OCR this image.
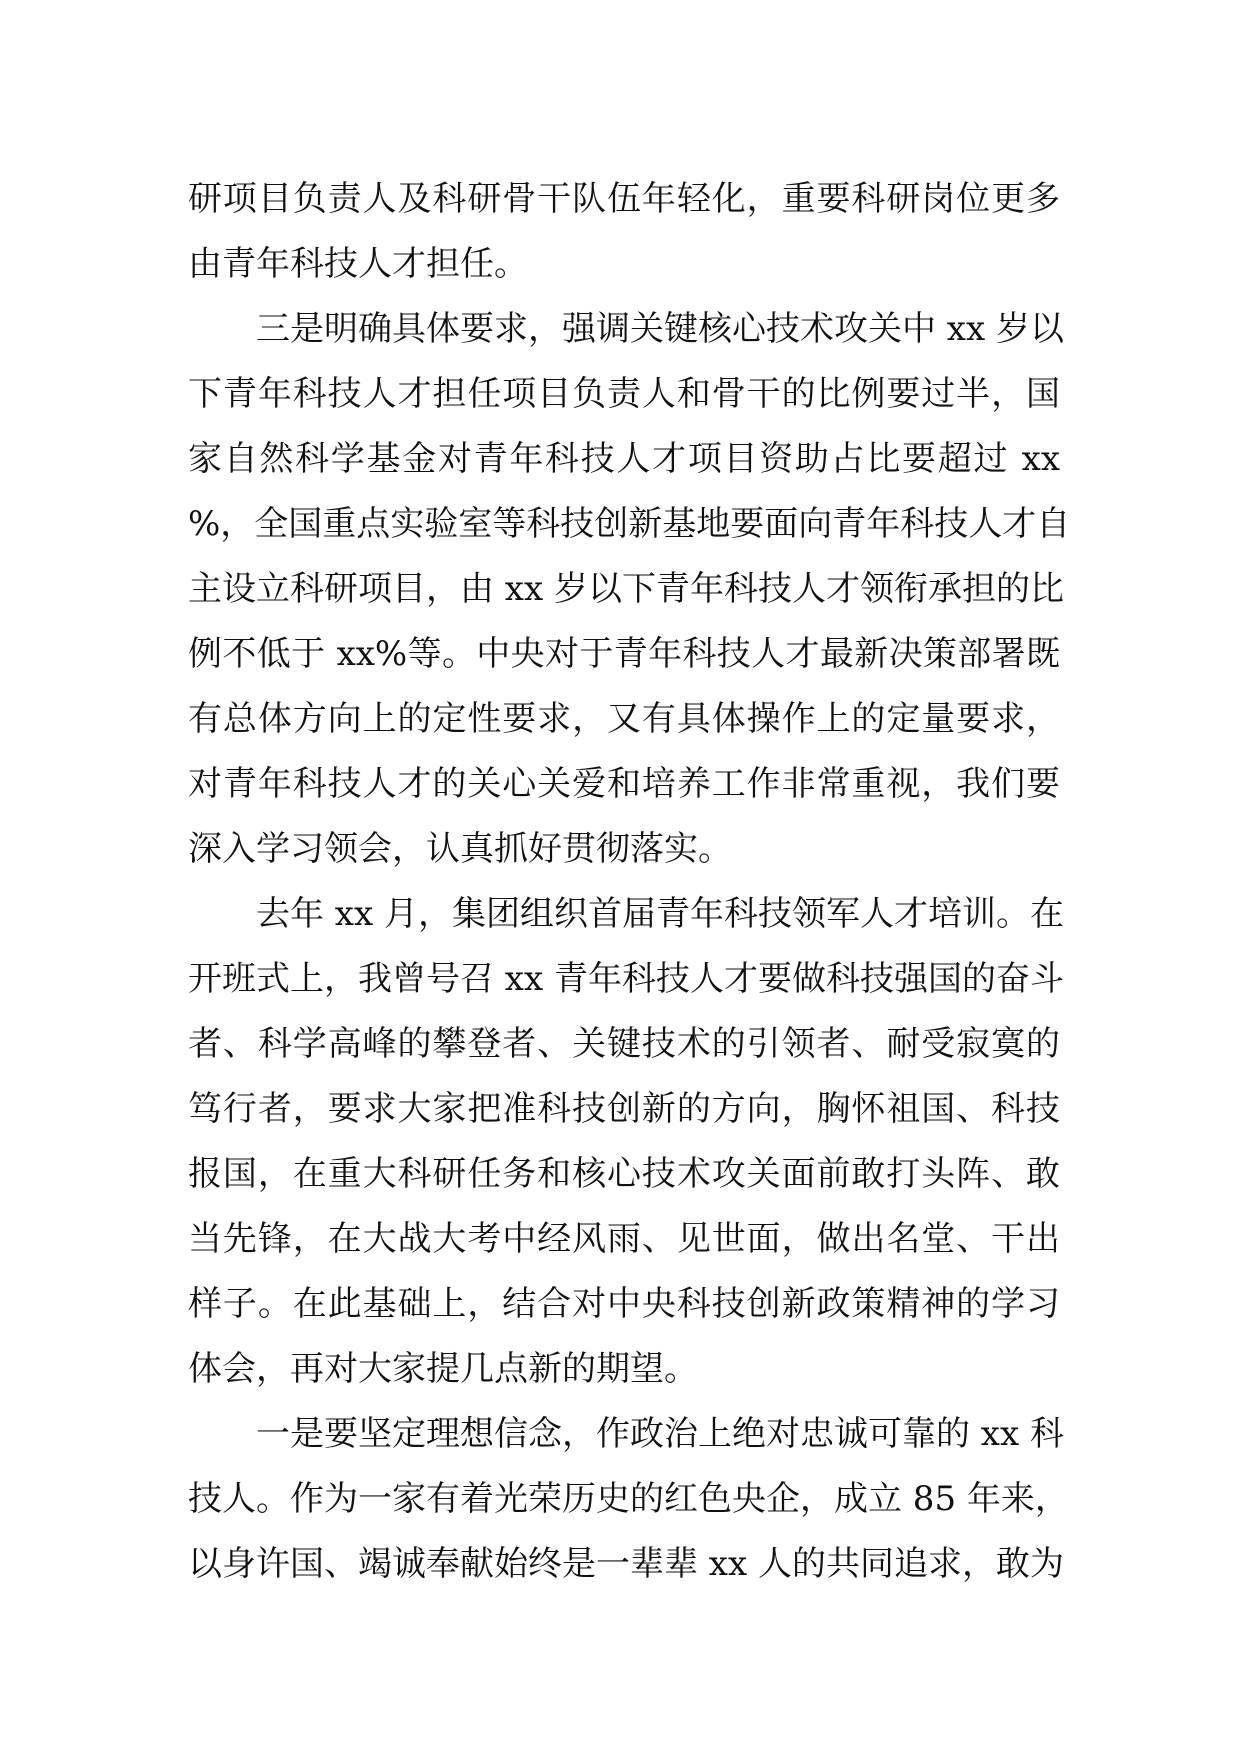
研项目负责人及科研骨干队伍年轻化，重要科研岗位更多
由青年科技人才担任。
三是明确具体要求，强调关键核心技术攻关中 xx 岁以
下青年科技人才担任项目负责人和骨干的比例要过半，国
家自然科学基金对青年科技人才项目资助占比要超过 xx
%，全国重点实验室等科技创新基地要面向青年科技人才自
主设立科研项目，由 xx 岁以下青年科技人才领衔承担的比
例不低于 xx%等。中央对于青年科技人才最新决策部署既
有总体方向上的定性要求，又有具体操作上的定量要求，
对青年科技人才的关心关爱和培养工作非常重视，我们要
深入学习领会，认真抓好贯彻落实。
去年 xx 月，集团组织首届青年科技领军人才培训。在
开班式上，我曾号召 xx 青年科技人才要做科技强国的奋斗
者、科学高峰的攀登者、关键技术的引领者、耐受寂寞的
笃行者，要求大家把准科技创新的方向，胸怀祖国、科技
报国，在重大科研任务和核心技术攻关面前敢打头阵、敢
当先锋，在大战大考中经风雨、见世面，做出名堂、干出
样子。在此基础上，结合对中央科技创新政策精神的学习
体会，再对大家提几点新的期望。
一是要坚定理想信念，作政治上绝对忠诚可靠的 xx 科
技人。作为一家有着光荣历史的红色央企，成立 85 年来，
以身许国、竭诚奉献始终是一辈辈 xx 人的共同追求，敢为
